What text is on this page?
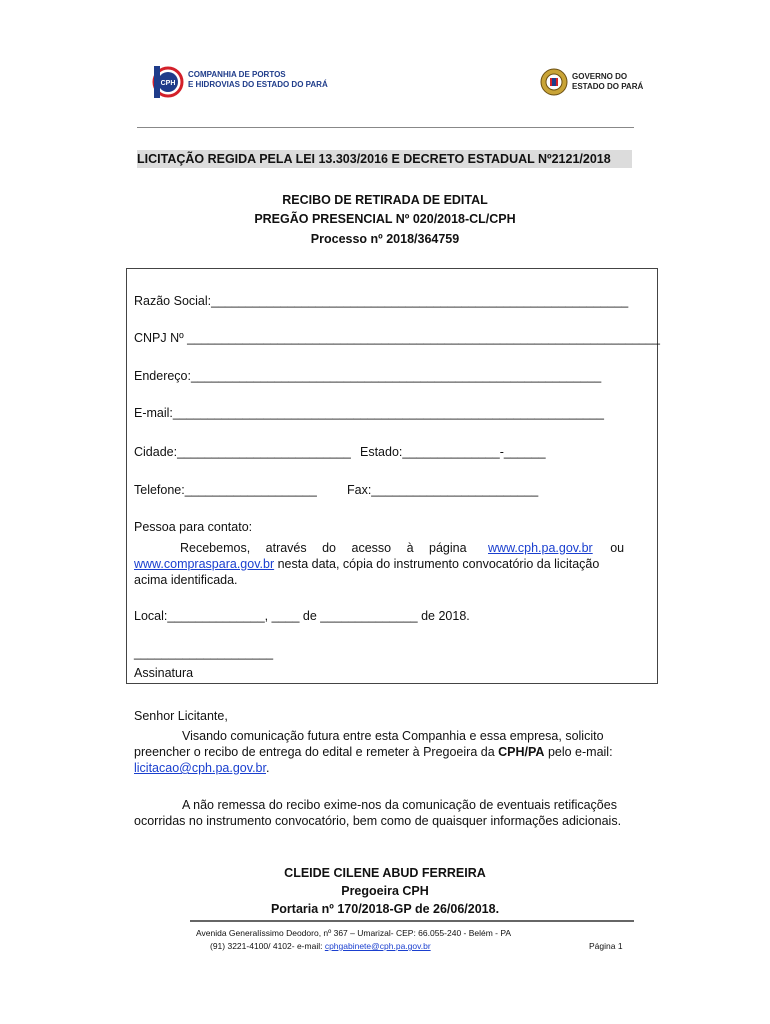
CPH
COMPANHIA DE PORTOS
E HIDROVIAS DO ESTADO DO PARÁ
GOVERNO DO
ESTADO DO PARÁ
LICITAÇÃO REGIDA PELA LEI 13.303/2016 E DECRETO ESTADUAL Nº2121/2018
RECIBO DE RETIRADA DE EDITAL
PREGÃO PRESENCIAL Nº 020/2018-CL/CPH
Processo nº 2018/364759
Razão Social:____________________________________________________________
CNPJ Nº ____________________________________________________________________
Endereço:___________________________________________________________
E-mail:______________________________________________________________
Cidade:_________________________ Estado:______________-______
Telefone:___________________ Fax:________________________
Pessoa para contato:
Recebemos, através do acesso à página www.cph.pa.gov.br ou
www.compraspara.gov.br nesta data, cópia do instrumento convocatório da licitação
acima identificada.
Local:______________, ____ de ______________ de 2018.
____________________
Assinatura
Senhor Licitante,
Visando comunicação futura entre esta Companhia e essa empresa, solicito
preencher o recibo de entrega do edital e remeter à Pregoeira da CPH/PA pelo e-mail:
licitacao@cph.pa.gov.br.
A não remessa do recibo exime-nos da comunicação de eventuais retificações
ocorridas no instrumento convocatório, bem como de quaisquer informações adicionais.
CLEIDE CILENE ABUD FERREIRA
Pregoeira CPH
Portaria nº 170/2018-GP de 26/06/2018.
Avenida Generalíssimo Deodoro, nº 367 – Umarizal- CEP: 66.055-240 - Belém - PA
(91) 3221-4100/ 4102- e-mail: cphgabinete@cph.pa.gov.br	Página 1
